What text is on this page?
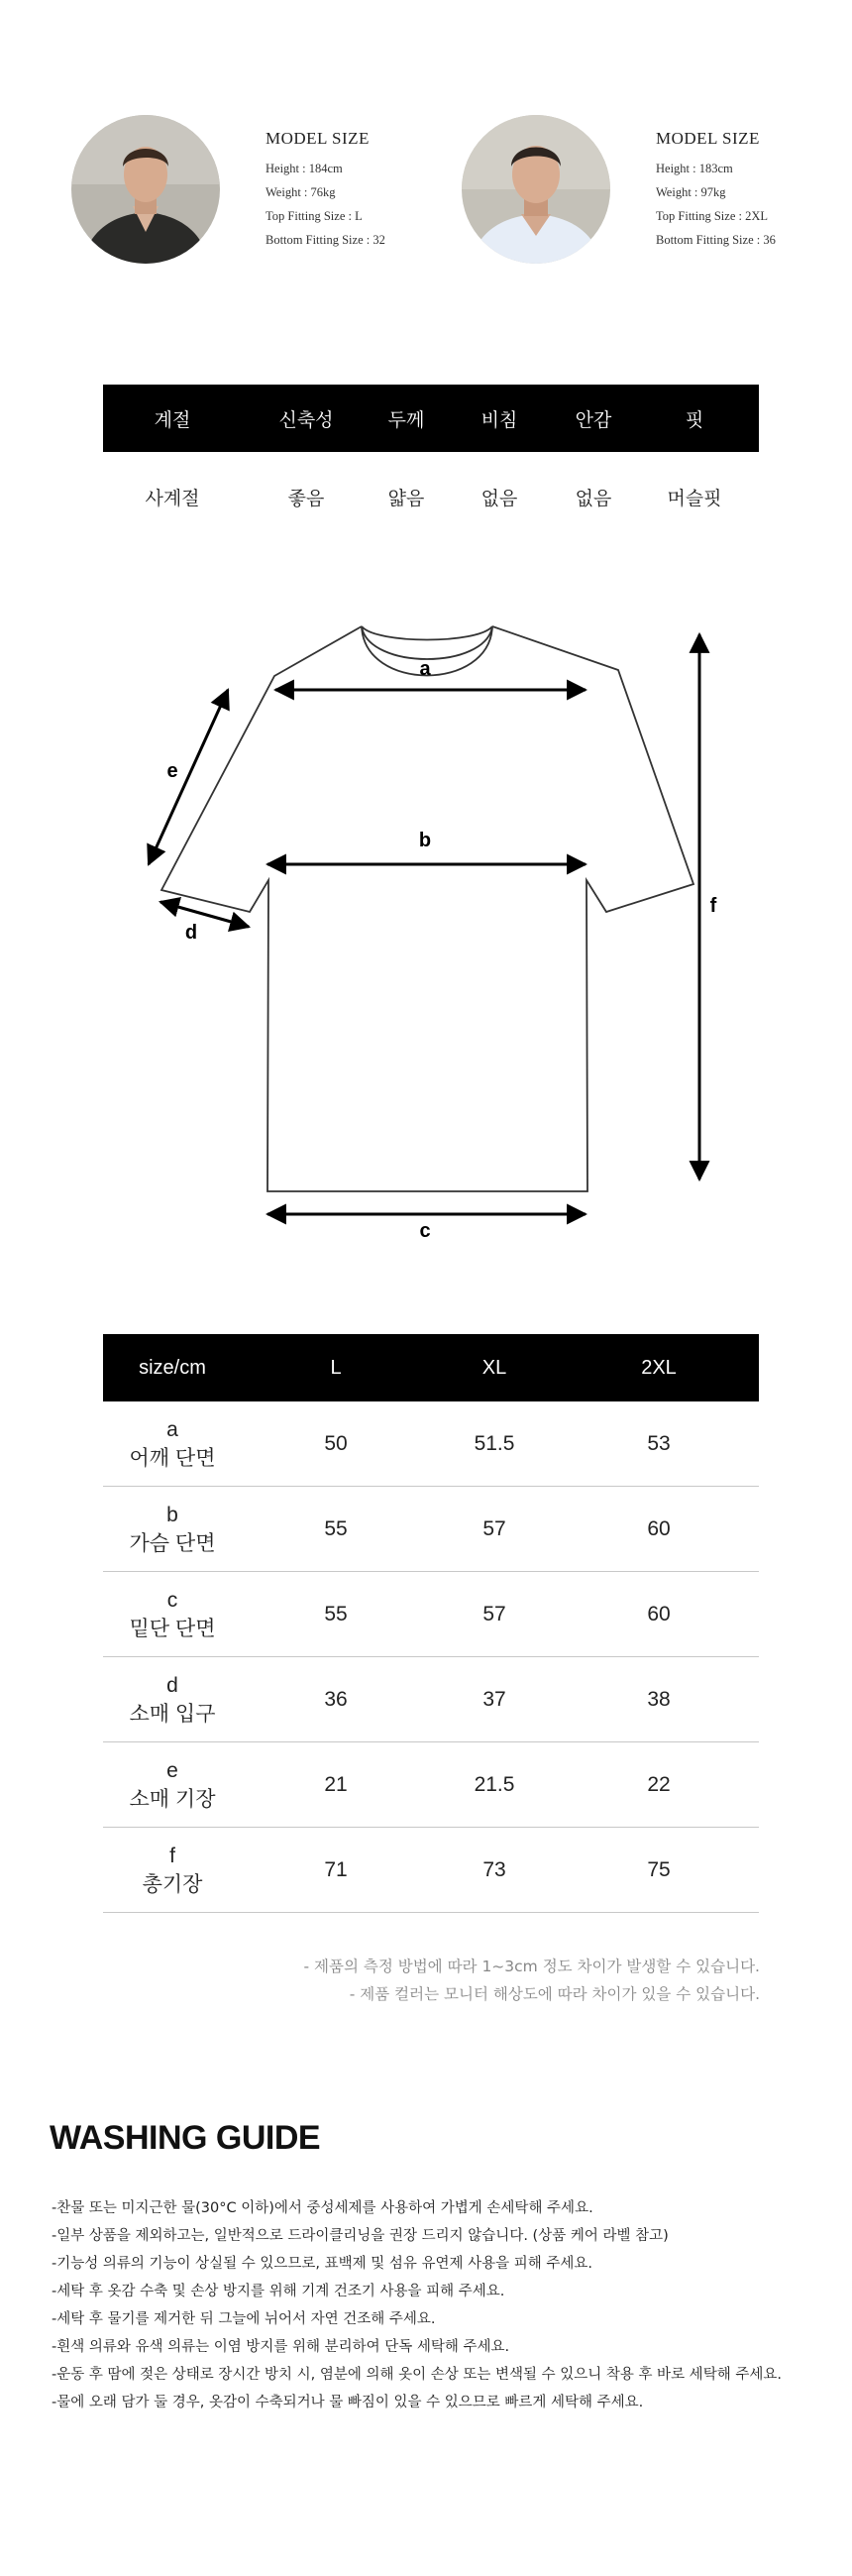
MODEL SIZE
Height : 184cm
Weight : 76kg
Top Fitting Size : L
Bottom Fitting Size : 32
MODEL SIZE
Height : 183cm
Weight : 97kg
Top Fitting Size : 2XL
Bottom Fitting Size : 36
계절	신축성	두께	비침	안감	핏
사계절	좋음	얇음	없음	없음	머슬핏
a
b
c
d
e
f
size/cm	L	XL	2XL
a
어깨 단면
50	51.5	53
b
가슴 단면
55	57	60
c
밑단 단면
55	57	60
d
소매 입구
36	37	38
e
소매 기장
21	21.5	22
f
총기장
71	73	75
- 제품의 측정 방법에 따라 1~3cm 정도 차이가 발생할 수 있습니다.
- 제품 컬러는 모니터 해상도에 따라 차이가 있을 수 있습니다.
WASHING GUIDE
-찬물 또는 미지근한 물(30°C 이하)에서 중성세제를 사용하여 가볍게 손세탁해 주세요.
-일부 상품을 제외하고는, 일반적으로 드라이클리닝을 권장 드리지 않습니다. (상품 케어 라벨 참고)
-기능성 의류의 기능이 상실될 수 있으므로, 표백제 및 섬유 유연제 사용을 피해 주세요.
-세탁 후 옷감 수축 및 손상 방지를 위해 기계 건조기 사용을 피해 주세요.
-세탁 후 물기를 제거한 뒤 그늘에 뉘어서 자연 건조해 주세요.
-흰색 의류와 유색 의류는 이염 방지를 위해 분리하여 단독 세탁해 주세요.
-운동 후 땀에 젖은 상태로 장시간 방치 시, 염분에 의해 옷이 손상 또는 변색될 수 있으니 착용 후 바로 세탁해 주세요.
-물에 오래 담가 둘 경우, 옷감이 수축되거나 물 빠짐이 있을 수 있으므로 빠르게 세탁해 주세요.
